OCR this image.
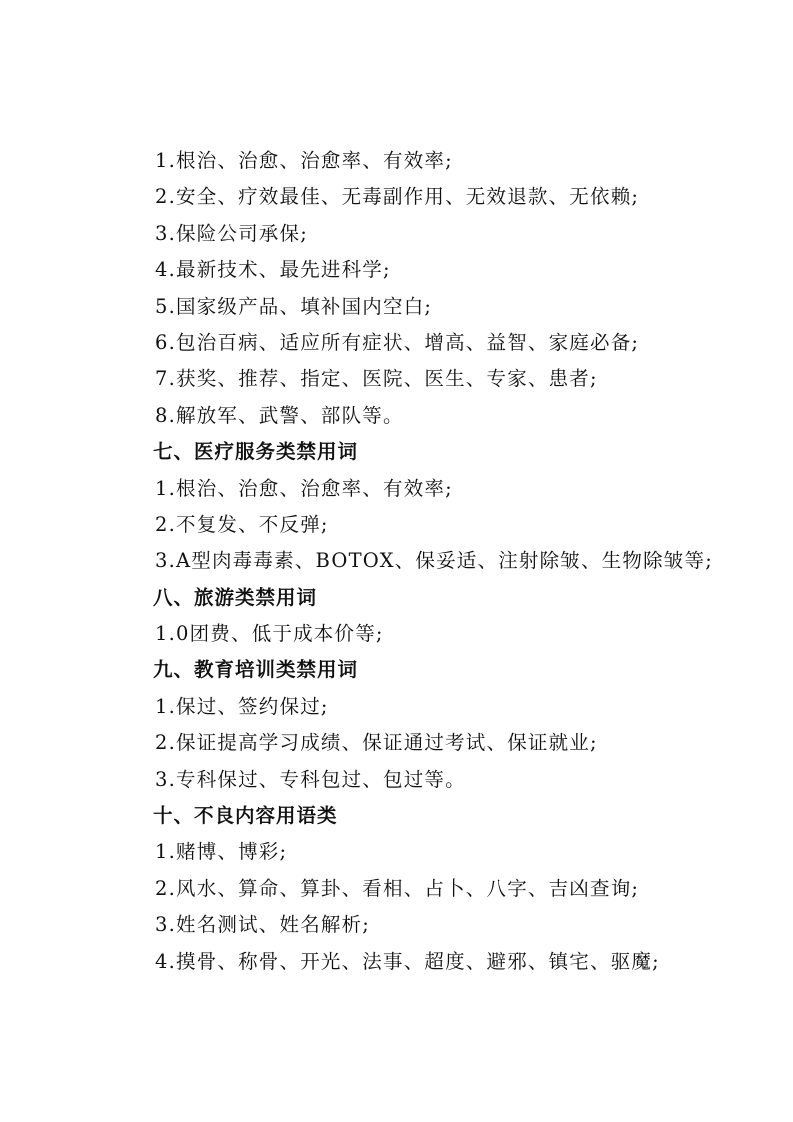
1.根治、治愈、治愈率、有效率;
2.安全、疗效最佳、无毒副作用、无效退款、无依赖;
3.保险公司承保;
4.最新技术、最先进科学;
5.国家级产品、填补国内空白;
6.包治百病、适应所有症状、增高、益智、家庭必备;
7.获奖、推荐、指定、医院、医生、专家、患者;
8.解放军、武警、部队等。
七、医疗服务类禁用词
1.根治、治愈、治愈率、有效率;
2.不复发、不反弹;
3.A型肉毒毒素、BOTOX、保妥适、注射除皱、生物除皱等;
八、旅游类禁用词
1.0团费、低于成本价等;
九、教育培训类禁用词
1.保过、签约保过;
2.保证提高学习成绩、保证通过考试、保证就业;
3.专科保过、专科包过、包过等。
十、不良内容用语类
1.赌博、博彩;
2.风水、算命、算卦、看相、占卜、八字、吉凶查询;
3.姓名测试、姓名解析;
4.摸骨、称骨、开光、法事、超度、避邪、镇宅、驱魔;
